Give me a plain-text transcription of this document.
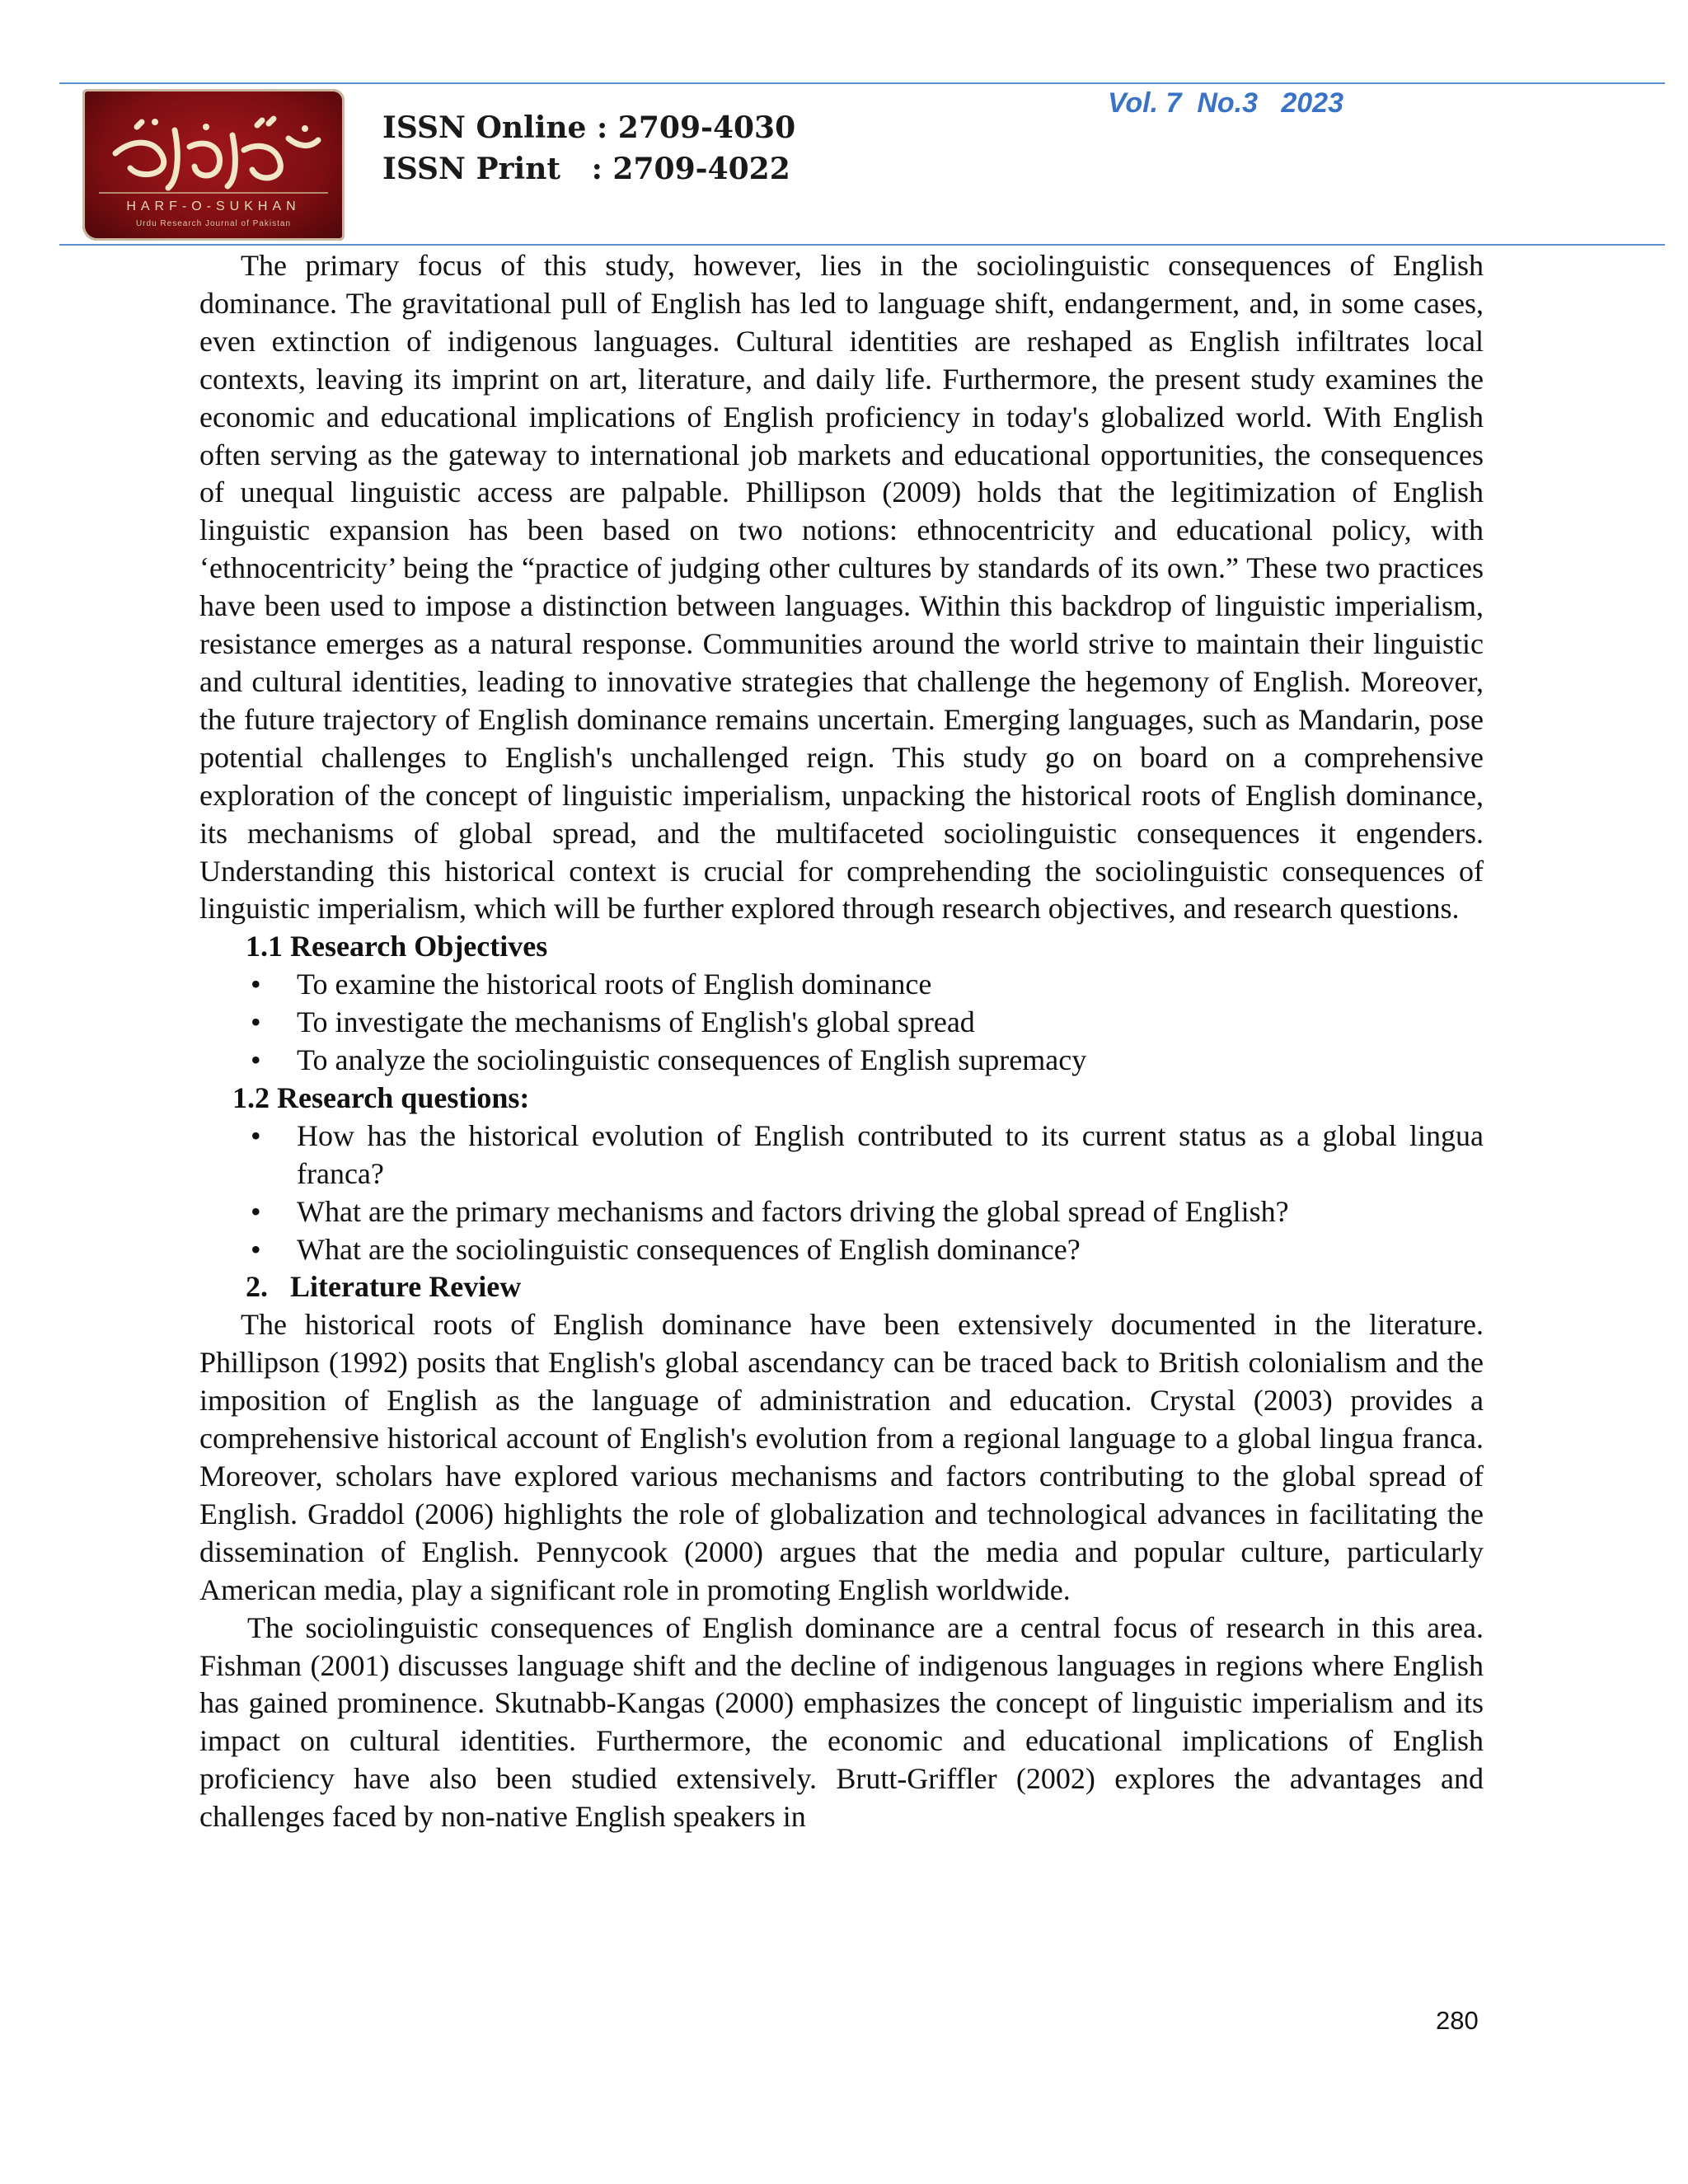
HARF-O-SUKHAN
Urdu Research Journal of Pakistan
ISSN Online : 2709-4030
ISSN Print   : 2709-4022
Vol. 7  No.3   2023

The primary focus of this study, however, lies in the sociolinguistic consequences of English dominance. The gravitational pull of English has led to language shift, endangerment, and, in some cases, even extinction of indigenous languages. Cultural identities are reshaped as English infiltrates local contexts, leaving its imprint on art, literature, and daily life. Furthermore, the present study examines the economic and educational implications of English proficiency in today's globalized world. With English often serving as the gateway to international job markets and educational opportunities, the consequences of unequal linguistic access are palpable. Phillipson (2009) holds that the legitimization of English linguistic expansion has been based on two notions: ethnocentricity and educational policy, with ‘ethnocentricity’ being the “practice of judging other cultures by standards of its own.” These two practices have been used to impose a distinction between languages. Within this backdrop of linguistic imperialism, resistance emerges as a natural response. Communities around the world strive to maintain their linguistic and cultural identities, leading to innovative strategies that challenge the hegemony of English. Moreover, the future trajectory of English dominance remains uncertain. Emerging languages, such as Mandarin, pose potential challenges to English's unchallenged reign. This study go on board on a comprehensive exploration of the concept of linguistic imperialism, unpacking the historical roots of English dominance, its mechanisms of global spread, and the multifaceted sociolinguistic consequences it engenders. Understanding this historical context is crucial for comprehending the sociolinguistic consequences of linguistic imperialism, which will be further explored through research objectives, and research questions.

1.1 Research Objectives
• To examine the historical roots of English dominance
• To investigate the mechanisms of English's global spread
• To analyze the sociolinguistic consequences of English supremacy
1.2 Research questions:
• How has the historical evolution of English contributed to its current status as a global lingua franca?
• What are the primary mechanisms and factors driving the global spread of English?
• What are the sociolinguistic consequences of English dominance?
2.   Literature Review

The historical roots of English dominance have been extensively documented in the literature. Phillipson (1992) posits that English's global ascendancy can be traced back to British colonialism and the imposition of English as the language of administration and education. Crystal (2003) provides a comprehensive historical account of English's evolution from a regional language to a global lingua franca. Moreover, scholars have explored various mechanisms and factors contributing to the global spread of English. Graddol (2006) highlights the role of globalization and technological advances in facilitating the dissemination of English. Pennycook (2000) argues that the media and popular culture, particularly American media, play a significant role in promoting English worldwide.

The sociolinguistic consequences of English dominance are a central focus of research in this area. Fishman (2001) discusses language shift and the decline of indigenous languages in regions where English has gained prominence. Skutnabb-Kangas (2000) emphasizes the concept of linguistic imperialism and its impact on cultural identities. Furthermore, the economic and educational implications of English proficiency have also been studied extensively. Brutt-Griffler (2002) explores the advantages and challenges faced by non-native English speakers in

280
